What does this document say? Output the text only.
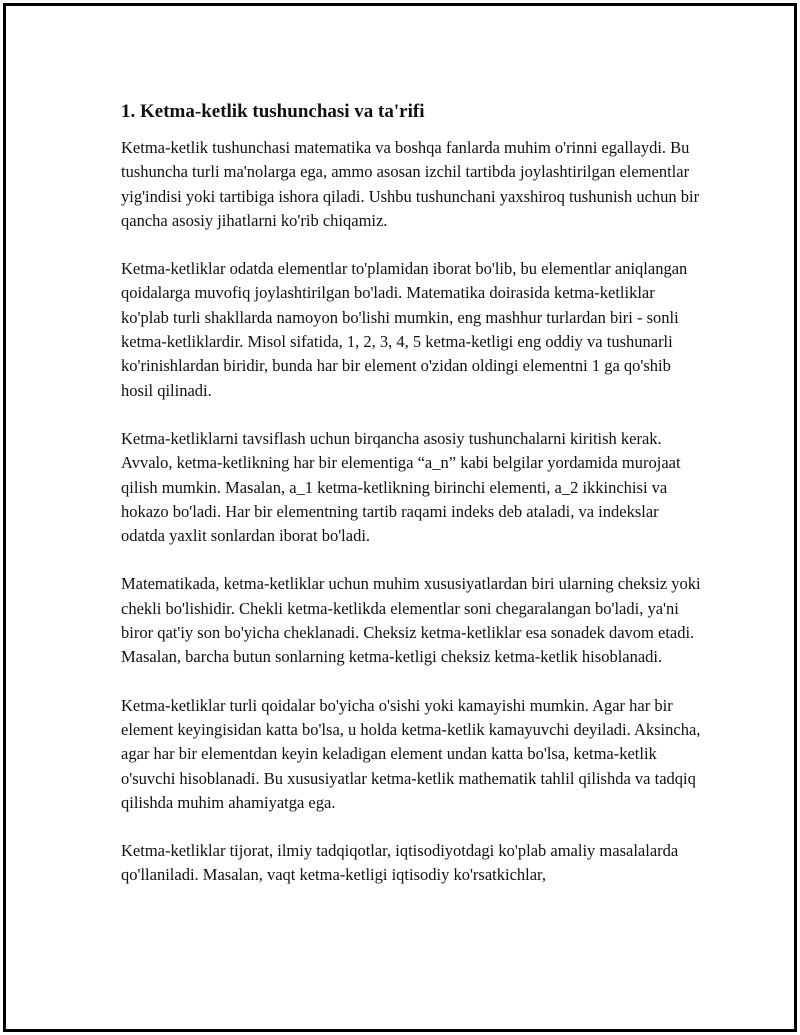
1. Ketma-ketlik tushunchasi va ta'rifi

Ketma-ketlik tushunchasi matematika va boshqa fanlarda muhim o'rinni egallaydi. Bu tushuncha turli ma'nolarga ega, ammo asosan izchil tartibda joylashtirilgan elementlar yig'indisi yoki tartibiga ishora qiladi. Ushbu tushunchani yaxshiroq tushunish uchun bir qancha asosiy jihatlarni ko'rib chiqamiz.

Ketma-ketliklar odatda elementlar to'plamidan iborat bo'lib, bu elementlar aniqlangan qoidalarga muvofiq joylashtirilgan bo'ladi. Matematika doirasida ketma-ketliklar ko'plab turli shakllarda namoyon bo'lishi mumkin, eng mashhur turlardan biri - sonli ketma-ketliklardir. Misol sifatida, 1, 2, 3, 4, 5 ketma-ketligi eng oddiy va tushunarli ko'rinishlardan biridir, bunda har bir element o'zidan oldingi elementni 1 ga qo'shib hosil qilinadi.

Ketma-ketliklarni tavsiflash uchun birqancha asosiy tushunchalarni kiritish kerak. Avvalo, ketma-ketlikning har bir elementiga “a_n” kabi belgilar yordamida murojaat qilish mumkin. Masalan, a_1 ketma-ketlikning birinchi elementi, a_2 ikkinchisi va hokazo bo'ladi. Har bir elementning tartib raqami indeks deb ataladi, va indekslar odatda yaxlit sonlardan iborat bo'ladi.

Matematikada, ketma-ketliklar uchun muhim xususiyatlardan biri ularning cheksiz yoki chekli bo'lishidir. Chekli ketma-ketlikda elementlar soni chegaralangan bo'ladi, ya'ni biror qat'iy son bo'yicha cheklanadi. Cheksiz ketma-ketliklar esa sonadek davom etadi. Masalan, barcha butun sonlarning ketma-ketligi cheksiz ketma-ketlik hisoblanadi.

Ketma-ketliklar turli qoidalar bo'yicha o'sishi yoki kamayishi mumkin. Agar har bir element keyingisidan katta bo'lsa, u holda ketma-ketlik kamayuvchi deyiladi. Aksincha, agar har bir elementdan keyin keladigan element undan katta bo'lsa, ketma-ketlik o'suvchi hisoblanadi. Bu xususiyatlar ketma-ketlik mathematik tahlil qilishda va tadqiq qilishda muhim ahamiyatga ega.

Ketma-ketliklar tijorat, ilmiy tadqiqotlar, iqtisodiyotdagi ko'plab amaliy masalalarda qo'llaniladi. Masalan, vaqt ketma-ketligi iqtisodiy ko'rsatkichlar,
